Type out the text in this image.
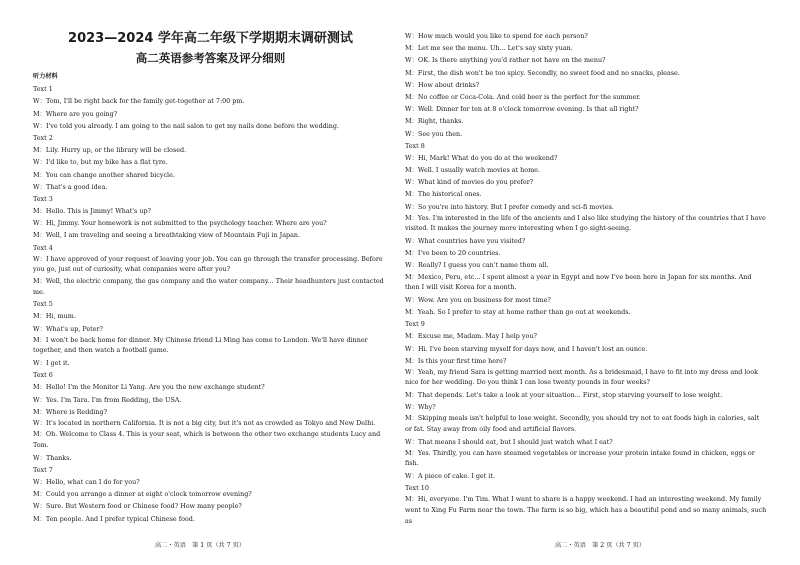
2023—2024 学年高二年级下学期期末调研测试
高二英语参考答案及评分细则
听力材料
Text 1
W：Tom, I'll be right back for the family get-together at 7:00 pm.
M：Where are you going?
W：I've told you already. I am going to the nail salon to get my nails done before the wedding.
Text 2
M：Lily. Hurry up, or the library will be closed.
W：I'd like to, but my bike has a flat tyre.
M：You can change another shared bicycle.
W：That's a good idea.
Text 3
M：Hello. This is Jimmy! What's up?
W：Hi, Jimmy. Your homework is not submitted to the psychology teacher. Where are you?
M：Well, I am traveling and seeing a breathtaking view of Mountain Fuji in Japan.
Text 4
W：I have approved of your request of leaving your job. You can go through the transfer processing. Before you go, just out of curiosity, what companies were after you?
M：Well, the electric company, the gas company and the water company... Their headhunters just contacted me.
Text 5
M：Hi, mum.
W：What's up, Peter?
M：I won't be back home for dinner. My Chinese friend Li Ming has come to London. We'll have dinner together, and then watch a football game.
W：I get it.
Text 6
M：Hello! I'm the Monitor Li Yang. Are you the new exchange student?
W：Yes. I'm Tara. I'm from Redding, the USA.
M：Where is Redding?
W：It's located in northern California. It is not a big city, but it's not as crowded as Tokyo and New Delhi.
M：Oh. Welcome to Class 4. This is your seat, which is between the other two exchange students Lucy and Tom.
W：Thanks.
Text 7
W：Hello, what can I do for you?
M：Could you arrange a dinner at eight o'clock tomorrow evening?
W：Sure. But Western food or Chinese food? How many people?
M：Ten people. And I prefer typical Chinese food.
W：How much would you like to spend for each person?
M：Let me see the menu. Uh... Let's say sixty yuan.
W：OK. Is there anything you'd rather not have on the menu?
M：First, the dish won't be too spicy. Secondly, no sweet food and no snacks, please.
W：How about drinks?
M：No coffee or Coca-Cola. And cold beer is the perfect for the summer.
W：Well. Dinner for ten at 8 o'clock tomorrow evening. Is that all right?
M：Right, thanks.
W：See you then.
Text 8
W：Hi, Mark! What do you do at the weekend?
M：Well. I usually watch movies at home.
W：What kind of movies do you prefer?
M：The historical ones.
W：So you're into history. But I prefer comedy and sci-fi movies.
M：Yes. I'm interested in the life of the ancients and I also like studying the history of the countries that I have visited. It makes the journey more interesting when I go sight-seeing.
W：What countries have you visited?
M：I've been to 20 countries.
W：Really? I guess you can't name them all.
M：Mexico, Peru, etc... I spent almost a year in Egypt and now I've been here in Japan for six months. And then I will visit Korea for a month.
W：Wow. Are you on business for most time?
M：Yeah. So I prefer to stay at home rather than go out at weekends.
Text 9
M：Excuse me, Madam. May I help you?
W：Hi. I've been starving myself for days now, and I haven't lost an ounce.
M：Is this your first time here?
W：Yeah, my friend Sara is getting married next month. As a bridesmaid, I have to fit into my dress and look nice for her wedding. Do you think I can lose twenty pounds in four weeks?
M：That depends. Let's take a look at your situation... First, stop starving yourself to lose weight.
W：Why?
M：Skipping meals isn't helpful to lose weight. Secondly, you should try not to eat foods high in calories, salt or fat. Stay away from oily food and artificial flavors.
W：That means I should eat, but I should just watch what I eat?
M：Yes. Thirdly, you can have steamed vegetables or increase your protein intake found in chicken, eggs or fish.
W：A piece of cake. I get it.
Text 10
M：Hi, everyone. I'm Tim. What I want to share is a happy weekend. I had an interesting weekend. My family went to Xing Fu Farm near the town. The farm is so big, which has a beautiful pond and so many animals, such as
高二・英语　第 1 页（共 7 页）	高二・英语　第 2 页（共 7 页）
